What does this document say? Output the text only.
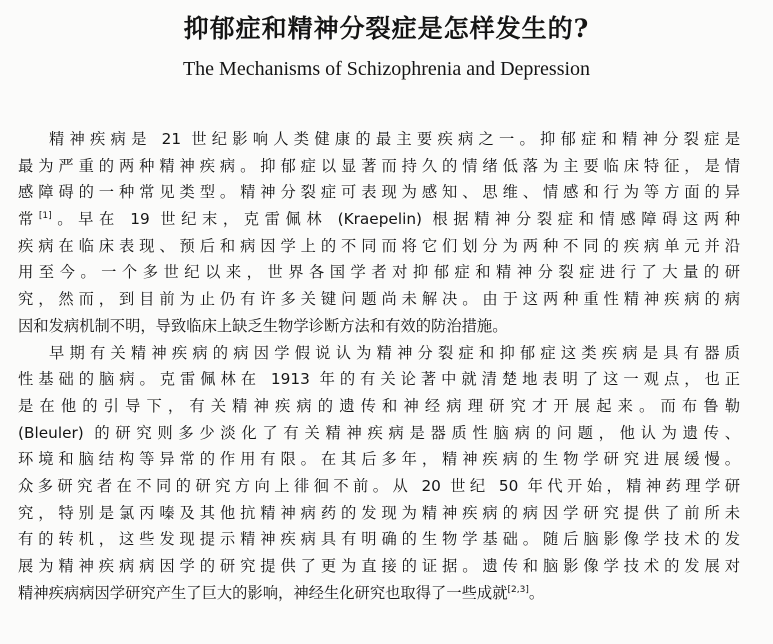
抑郁症和精神分裂症是怎样发生的?
The Mechanisms of Schizophrenia and Depression
精神疾病是 21 世纪影响人类健康的最主要疾病之一。抑郁症和精神分裂症是
最为严重的两种精神疾病。抑郁症以显著而持久的情绪低落为主要临床特征，是情
感障碍的一种常见类型。精神分裂症可表现为感知、思维、情感和行为等方面的异
常[1]。早在 19 世纪末，克雷佩林 (Kraepelin) 根据精神分裂症和情感障碍这两种
疾病在临床表现、预后和病因学上的不同而将它们划分为两种不同的疾病单元并沿
用至今。一个多世纪以来，世界各国学者对抑郁症和精神分裂症进行了大量的研
究，然而，到目前为止仍有许多关键问题尚未解决。由于这两种重性精神疾病的病
因和发病机制不明，导致临床上缺乏生物学诊断方法和有效的防治措施。
早期有关精神疾病的病因学假说认为精神分裂症和抑郁症这类疾病是具有器质
性基础的脑病。克雷佩林在 1913 年的有关论著中就清楚地表明了这一观点，也正
是在他的引导下，有关精神疾病的遗传和神经病理研究才开展起来。而布鲁勒
(Bleuler) 的研究则多少淡化了有关精神疾病是器质性脑病的问题，他认为遗传、
环境和脑结构等异常的作用有限。在其后多年，精神疾病的生物学研究进展缓慢。
众多研究者在不同的研究方向上徘徊不前。从 20 世纪 50 年代开始，精神药理学研
究，特别是氯丙嗪及其他抗精神病药的发现为精神疾病的病因学研究提供了前所未
有的转机，这些发现提示精神疾病具有明确的生物学基础。随后脑影像学技术的发
展为精神疾病病因学的研究提供了更为直接的证据。遗传和脑影像学技术的发展对
精神疾病病因学研究产生了巨大的影响，神经生化研究也取得了一些成就[2,3]。
